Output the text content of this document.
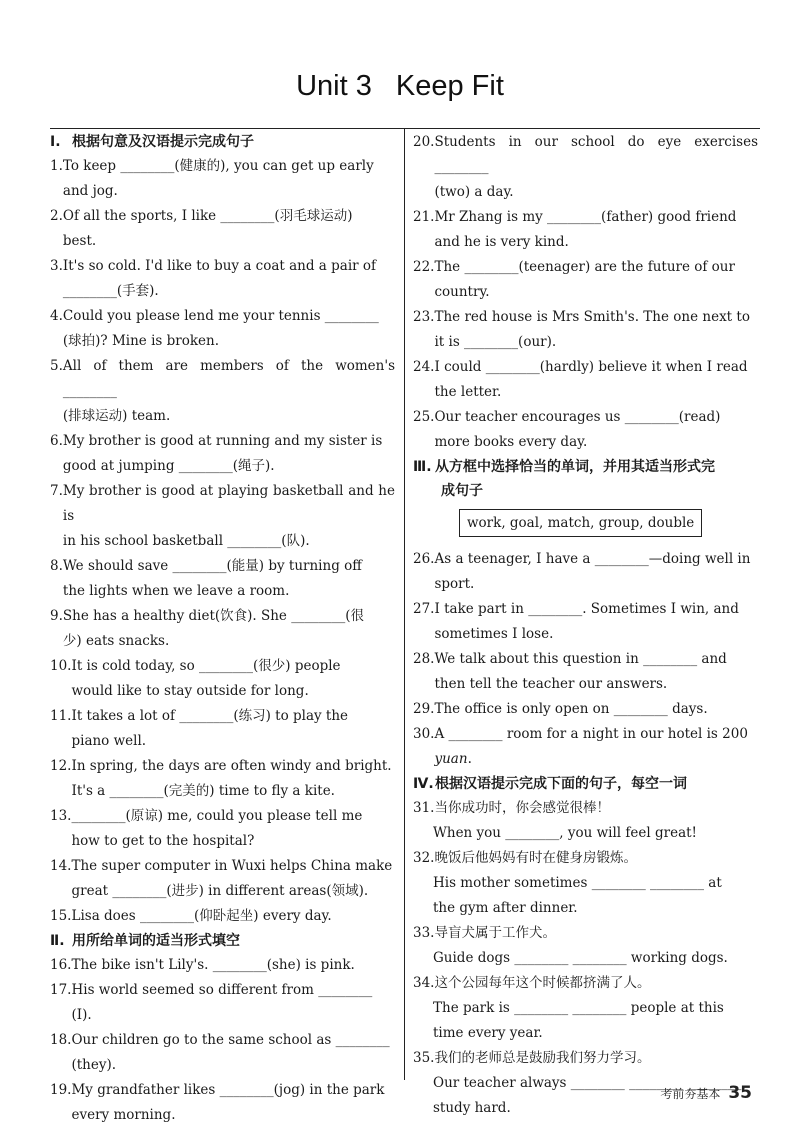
Unit 3 Keep Fit
Ⅰ. 根据句意及汉语提示完成句子
1. To keep ________(健康的), you can get up early
and jog.
2. Of all the sports, I like ________(羽毛球运动)
best.
3. It's so cold. I'd like to buy a coat and a pair of
________(手套).
4. Could you please lend me your tennis ________
(球拍)? Mine is broken.
5. All of them are members of the women's ________
(排球运动) team.
6. My brother is good at running and my sister is
good at jumping ________(绳子).
7. My brother is good at playing basketball and he is
in his school basketball ________(队).
8. We should save ________(能量) by turning off
the lights when we leave a room.
9. She has a healthy diet(饮食). She ________(很
少) eats snacks.
10. It is cold today, so ________(很少) people
would like to stay outside for long.
11. It takes a lot of ________(练习) to play the
piano well.
12. In spring, the days are often windy and bright.
It's a ________(完美的) time to fly a kite.
13. ________(原谅) me, could you please tell me
how to get to the hospital?
14. The super computer in Wuxi helps China make
great ________(进步) in different areas(领域).
15. Lisa does ________(仰卧起坐) every day.
Ⅱ. 用所给单词的适当形式填空
16. The bike isn't Lily's. ________(she) is pink.
17. His world seemed so different from ________
(I).
18. Our children go to the same school as ________
(they).
19. My grandfather likes ________(jog) in the park
every morning.
20. Students in our school do eye exercises ________
(two) a day.
21. Mr Zhang is my ________(father) good friend
and he is very kind.
22. The ________(teenager) are the future of our
country.
23. The red house is Mrs Smith's. The one next to
it is ________(our).
24. I could ________(hardly) believe it when I read
the letter.
25. Our teacher encourages us ________(read)
more books every day.
Ⅲ. 从方框中选择恰当的单词，并用其适当形式完
成句子
work, goal, match, group, double
26. As a teenager, I have a ________—doing well in
sport.
27. I take part in ________. Sometimes I win, and
sometimes I lose.
28. We talk about this question in ________ and
then tell the teacher our answers.
29. The office is only open on ________ days.
30. A ________ room for a night in our hotel is 200
yuan.
Ⅳ.根据汉语提示完成下面的句子，每空一词
31. 当你成功时，你会感觉很棒！
When you ________, you will feel great!
32. 晚饭后他妈妈有时在健身房锻炼。
His mother sometimes ________ ________ at
the gym after dinner.
33. 导盲犬属于工作犬。
Guide dogs ________ ________ working dogs.
34. 这个公园每年这个时候都挤满了人。
The park is ________ ________ people at this
time every year.
35. 我们的老师总是鼓励我们努力学习。
Our teacher always ________ ________ ________
study hard.
考前夯基本 35
